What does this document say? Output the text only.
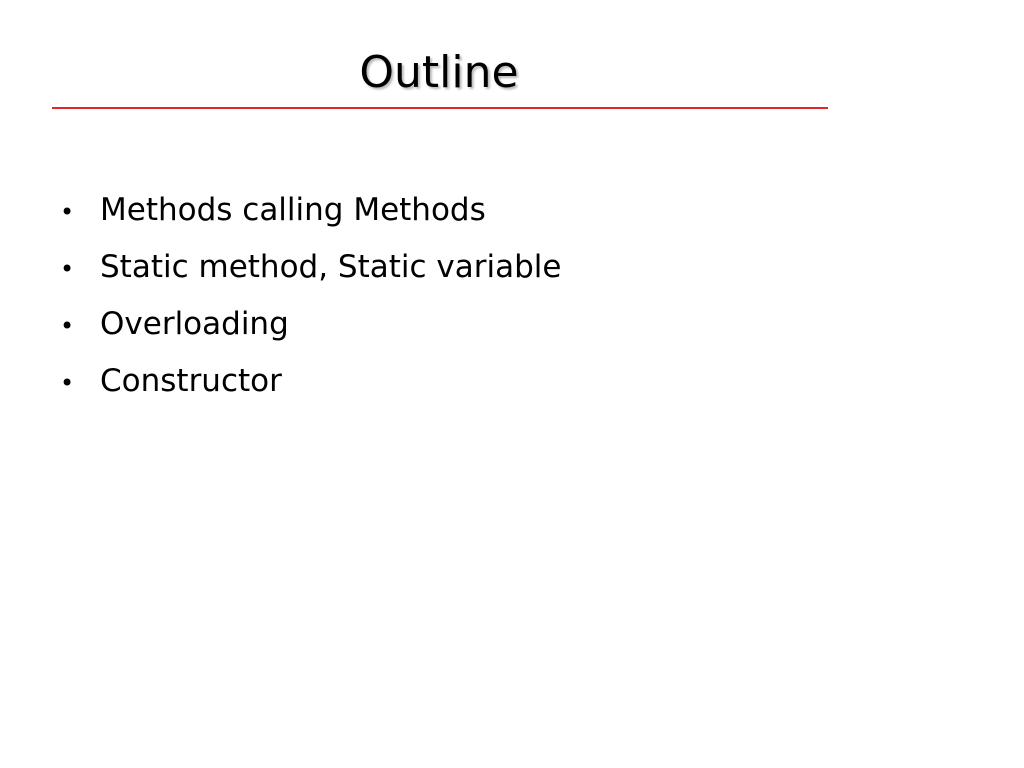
Outline
• Methods calling Methods
• Static method, Static variable
• Overloading
• Constructor
